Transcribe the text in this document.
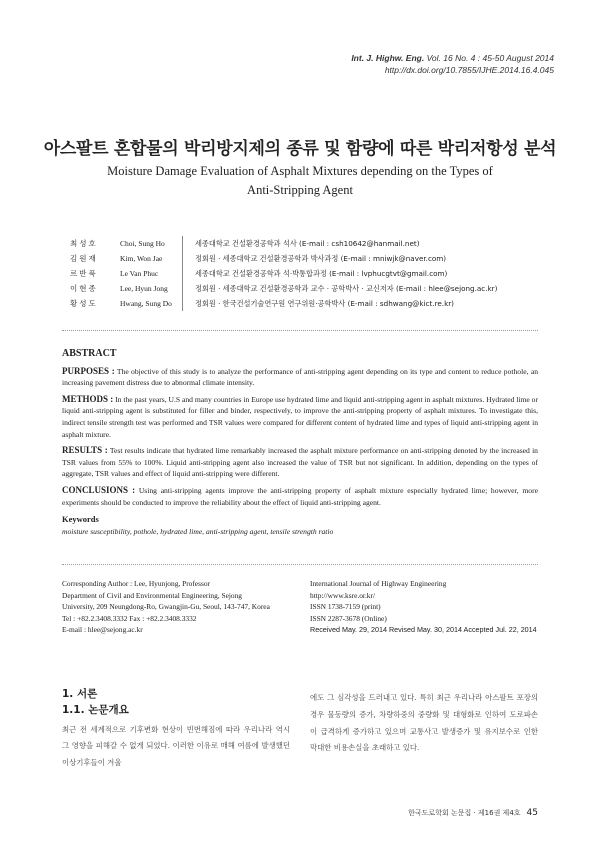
Int. J. Highw. Eng. Vol. 16 No. 4 : 45-50 August 2014
http://dx.doi.org/10.7855/IJHE.2014.16.4.045
아스팔트 혼합물의 박리방지제의 종류 및 함량에 따른 박리저항성 분석
Moisture Damage Evaluation of Asphalt Mixtures depending on the Types of
Anti-Stripping Agent
최성호	Choi, Sung Ho	세종대학교 건설환경공학과 석사 (E-mail : csh10642@hanmail.net)
김원재	Kim, Won Jae	정회원 · 세종대학교 건설환경공학과 박사과정 (E-mail : mniwjk@naver.com)
르반푹	Le Van Phuc	세종대학교 건설환경공학과 석·박통합과정 (E-mail : lvphucgtvt@gmail.com)
이현종	Lee, Hyun Jong	정회원 · 세종대학교 건설환경공학과 교수 · 공학박사 · 교신저자 (E-mail : hlee@sejong.ac.kr)
황성도	Hwang, Sung Do	정회원 · 한국건설기술연구원 연구위원·공학박사 (E-mail : sdhwang@kict.re.kr)
ABSTRACT

PURPOSES : The objective of this study is to analyze the performance of anti-stripping agent depending on its type and content to reduce pothole, an increasing pavement distress due to abnormal climate intensity.

METHODS : In the past years, U.S and many countries in Europe use hydrated lime and liquid anti-stripping agent in asphalt mixtures. Hydrated lime or liquid anti-stripping agent is substituted for filler and binder, respectively, to improve the anti-stripping property of asphalt mixtures. To investigate this, indirect tensile strength test was performed and TSR values were compared for different content of hydrated lime and types of liquid anti-stripping agent in asphalt mixture.

RESULTS : Test results indicate that hydrated lime remarkably increased the asphalt mixture performance on anti-stripping denoted by the increased in TSR values from 55% to 100%. Liquid anti-stripping agent also increased the value of TSR but not significant. In addition, depending on the types of aggregate, TSR values and effect of liquid anti-stripping were different.

CONCLUSIONS : Using anti-stripping agents improve the anti-stripping property of asphalt mixture especially hydrated lime; however, more experiments should be conducted to improve the reliability about the effect of liquid anti-stripping agent.

Keywords
moisture susceptibility, pothole, hydrated lime, anti-stripping agent, tensile strength ratio
Corresponding Author : Lee, Hyunjong, Professor
Department of Civil and Environmental Engineering, Sejong
University, 209 Neungdong-Ro, Gwangjin-Gu, Seoul, 143-747, Korea
Tel : +82.2.3408.3332 Fax : +82.2.3408.3332
E-mail : hlee@sejong.ac.kr
International Journal of Highway Engineering
http://www.ksre.or.kr/
ISSN 1738-7159 (print)
ISSN 2287-3678 (Online)
Received May. 29, 2014 Revised May. 30, 2014 Accepted Jul. 22, 2014
1. 서론
1.1. 논문개요
최근 전 세계적으로 기후변화 현상이 빈번해짐에 따라 우리나라 역시 그 영향을 피해갈 수 없게 되었다. 이러한 이유로 매해 여름에 발생했던 이상기후들이 겨울
에도 그 심각성을 드러내고 있다. 특히 최근 우리나라 아스팔트 포장의 경우 물동량의 증가, 차량하중의 중량화 및 대형화로 인하여 도로파손이 급격하게 증가하고 있으며 교통사고 발생증가 및 유지보수로 인한 막대한 비용손실을 초래하고 있다.
한국도로학회 논문집 · 제16권 제4호 45
